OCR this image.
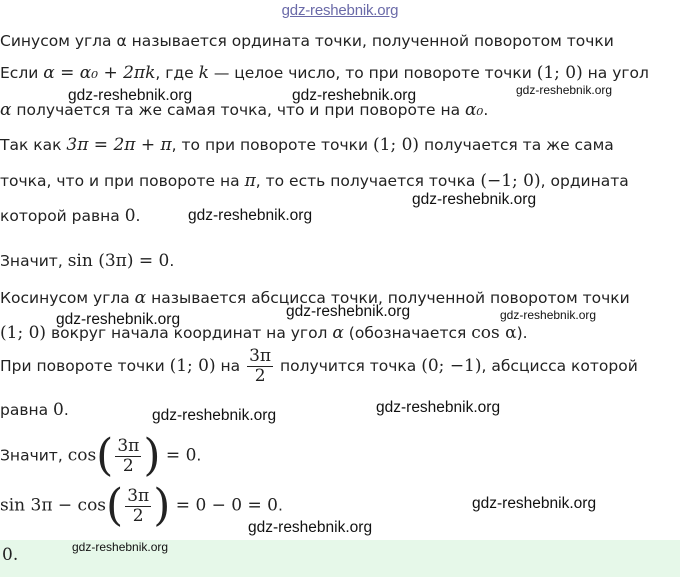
gdz-reshebnik.org
Синусом угла α называется ордината точки, полученной поворотом точки
Если α = α₀ + 2πk, где k — целое число, то при повороте точки (1; 0) на угол
α получается та же самая точка, что и при повороте на α₀.
Так как 3π = 2π + π, то при повороте точки (1; 0) получается та же сама
точка, что и при повороте на π, то есть получается точка (−1; 0), ордината
которой равна 0.
Значит, sin (3π) = 0.
Косинусом угла α называется абсцисса точки, полученной поворотом точки
(1; 0) вокруг начала координат на угол α (обозначается cos α).
При повороте точки (1; 0) на $\frac{3\pi}{2}$ получится точка (0; −1), абсцисса которой
равна 0.
Значит, $\cos( \frac{3\pi}{2}$ ) = 0.
$\sin 3\pi - \cos( \frac{3\pi}{2}$ ) = 0 − 0 = 0.
0.
gdz-reshebnik.org	gdz-reshebnik.org	gdz-reshebnik.org
gdz-reshebnik.org
gdz-reshebnik.org
gdz-reshebnik.org	gdz-reshebnik.org	gdz-reshebnik.org
gdz-reshebnik.org	gdz-reshebnik.org
gdz-reshebnik.org
gdz-reshebnik.org
gdz-reshebnik.org
